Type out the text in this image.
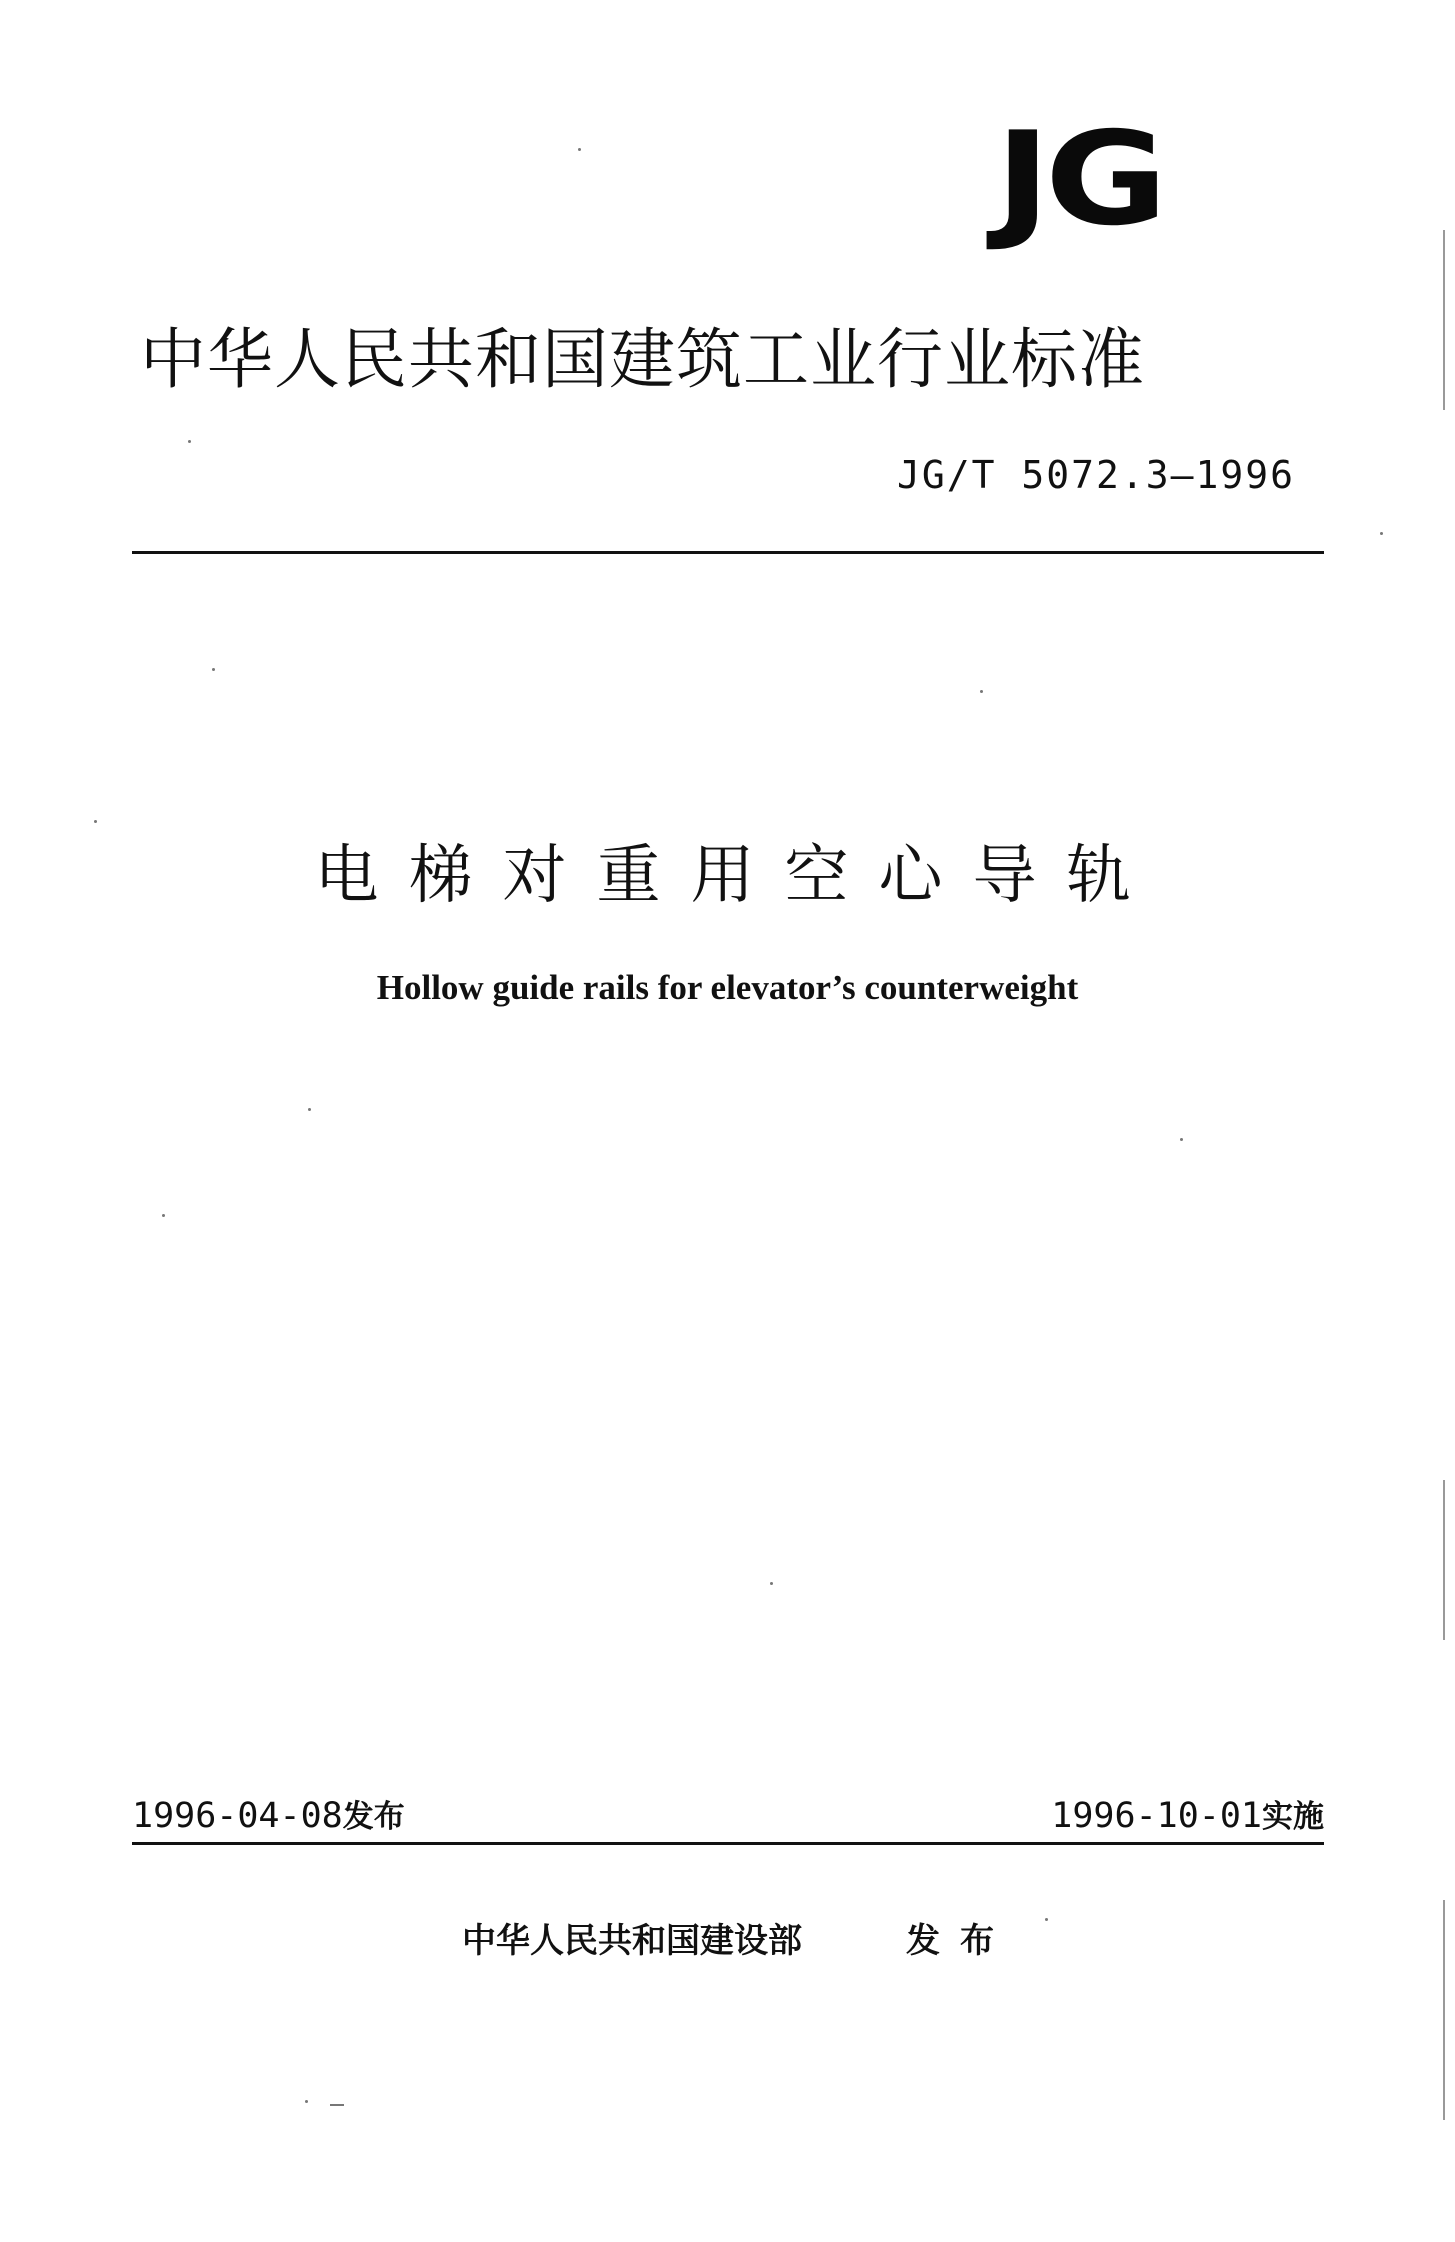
JG
中华人民共和国建筑工业行业标准
JG/T 5072.3—1996
电梯对重用空心导轨
Hollow guide rails for elevator’s counterweight
1996-04-08发布	1996-10-01实施
中华人民共和国建设部	发布
